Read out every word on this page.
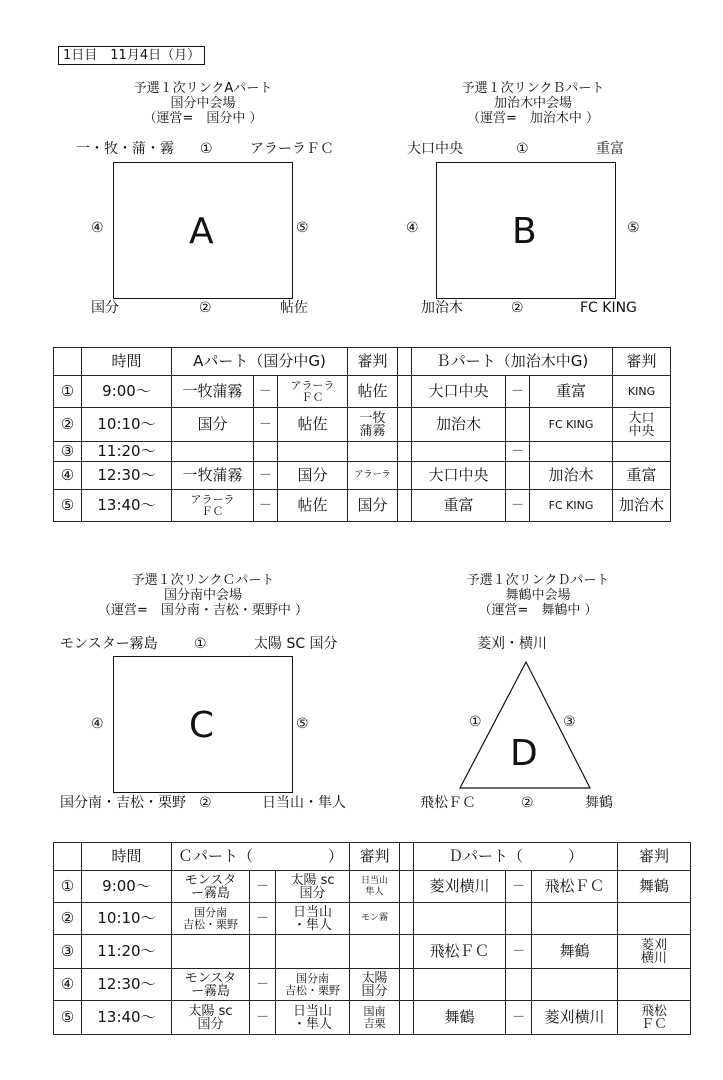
1日目　11月4日（月）
予選１次リンクAパート
国分中会場
（運営=　国分中 ）
一・牧・蒲・霧 ①	アラーラＦＣ
A
④	⑤
国分	②	帖佐
予選１次リンクＢパート
加治木中会場
（運営=　加治木中 ）
大口中央	①	重富
B
④	⑤
加治木	②	FC KING
	時間	Aパート（国分中G)			審判		Ｂパート（加治木中G)			審判
①	9:00～	一牧蒲霧	－	アラーラ
ＦＣ	帖佐		大口中央	－	重富	KING
②	10:10～	国分	－	帖佐	一牧
蒲霧		加治木		FC KING	大口
中央
③	11:20～							－		
④	12:30～	一牧蒲霧	－	国分	アラーラ		大口中央		加治木	重富
⑤	13:40～	アラーラ
ＦＣ	－	帖佐	国分		重富	－	FC KING	加治木
予選１次リンクＣパート
国分南中会場
（運営=　国分南・吉松・栗野中 ）
モンスター霧島	①	太陽 SC 国分
C
④	⑤
国分南・吉松・栗野 ②	日当山・隼人
予選１次リンクＤパート
舞鶴中会場
（運営=　舞鶴中 ）
菱刈・横川
D
①	③
飛松ＦＣ	②	舞鶴
	時間	Ｃパート（　　　　　）			審判		Ｄパート（　　　）			審判
①	9:00～	モンスタ
ー霧島	－	太陽 sc
国分	日当山
隼人		菱刈横川	－	飛松ＦＣ	舞鶴
②	10:10～	国分南
吉松・栗野	－	日当山
・隼人	モン霧					
③	11:20～						飛松ＦＣ	－	舞鶴	菱刈
横川
④	12:30～	モンスタ
ー霧島	－	国分南
吉松・栗野	太陽
国分					
⑤	13:40～	太陽 sc
国分	－	日当山
・隼人	国南
吉栗		舞鶴	－	菱刈横川	飛松
ＦＣ
